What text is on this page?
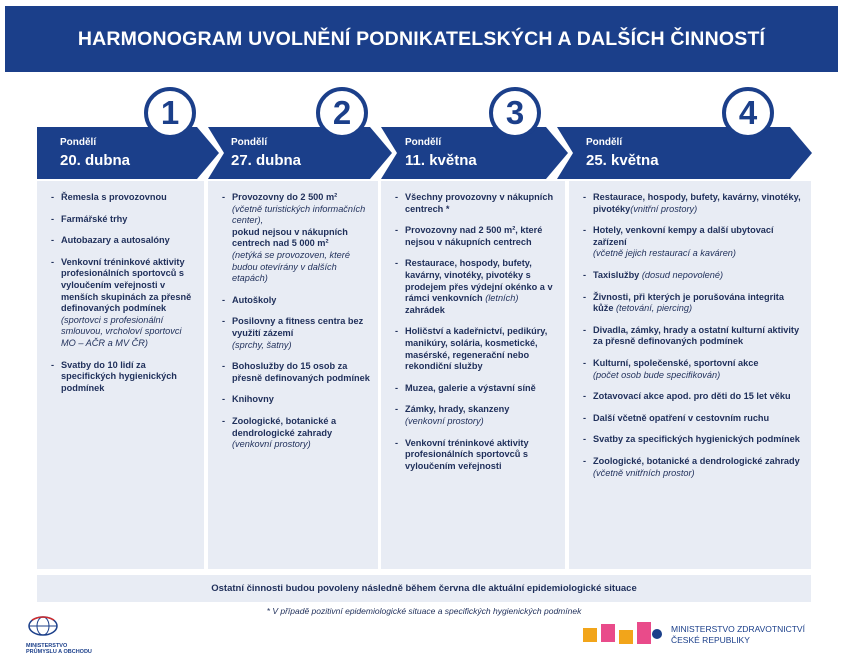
HARMONOGRAM UVOLNĚNÍ PODNIKATELSKÝCH A DALŠÍCH ČINNOSTÍ
1	2	3	4
Pondělí
20. dubna
Pondělí
27. dubna
Pondělí
11. května
Pondělí
25. května
- Řemesla s provozovnou
- Farmářské trhy
- Autobazary a autosalóny
- Venkovní tréninkové aktivity profesionálních sportovců s vyloučením veřejnosti v menších skupinách za přesně definovaných podmínek
(sportovci s profesionální smlouvou, vrcholoví sportovci MO – AČR a MV ČR)
- Svatby do 10 lidí za specifických hygienických podmínek
- Provozovny do 2 500 m²
(včetně turistických informačních center),
pokud nejsou v nákupních centrech nad 5 000 m²
(netýká se provozoven, které budou otevírány v dalších etapách)
- Autoškoly
- Posilovny a fitness centra bez využití zázemí
(sprchy, šatny)
- Bohoslužby do 15 osob za přesně definovaných podmínek
- Knihovny
- Zoologické, botanické a dendrologické zahrady
(venkovní prostory)
- Všechny provozovny v nákupních centrech *
- Provozovny nad 2 500 m², které nejsou v nákupních centrech
- Restaurace, hospody, bufety, kavárny, vinotéky, pivotéky s prodejem přes výdejní okénko a v rámci venkovních (letních) zahrádek
- Holičství a kadeřnictví, pedikúry, manikúry, solária, kosmetické, masérské, regenerační nebo rekondiční služby
- Muzea, galerie a výstavní síně
- Zámky, hrady, skanzeny
(venkovní prostory)
- Venkovní tréninkové aktivity profesionálních sportovců s vyloučením veřejnosti
- Restaurace, hospody, bufety, kavárny, vinotéky, pivotéky(vnitřní prostory)
- Hotely, venkovní kempy a další ubytovací zařízení
(včetně jejich restaurací a kaváren)
- Taxislužby (dosud nepovolené)
- Živnosti, při kterých je porušována integrita kůže (tetování, piercing)
- Divadla, zámky, hrady a ostatní kulturní aktivity za přesně definovaných podmínek
- Kulturní, společenské, sportovní akce
(počet osob bude specifikován)
- Zotavovací akce apod. pro děti do 15 let věku
- Další včetně opatření v cestovním ruchu
- Svatby za specifických hygienických podmínek
- Zoologické, botanické a dendrologické zahrady (včetně vnitřních prostor)
Ostatní činnosti budou povoleny následně během června dle aktuální epidemiologické situace
* V případě pozitivní epidemiologické situace a specifických hygienických podmínek
MINISTERSTVO
PRŮMYSLU A OBCHODU
MINISTERSTVO ZDRAVOTNICTVÍ
ČESKÉ REPUBLIKY
